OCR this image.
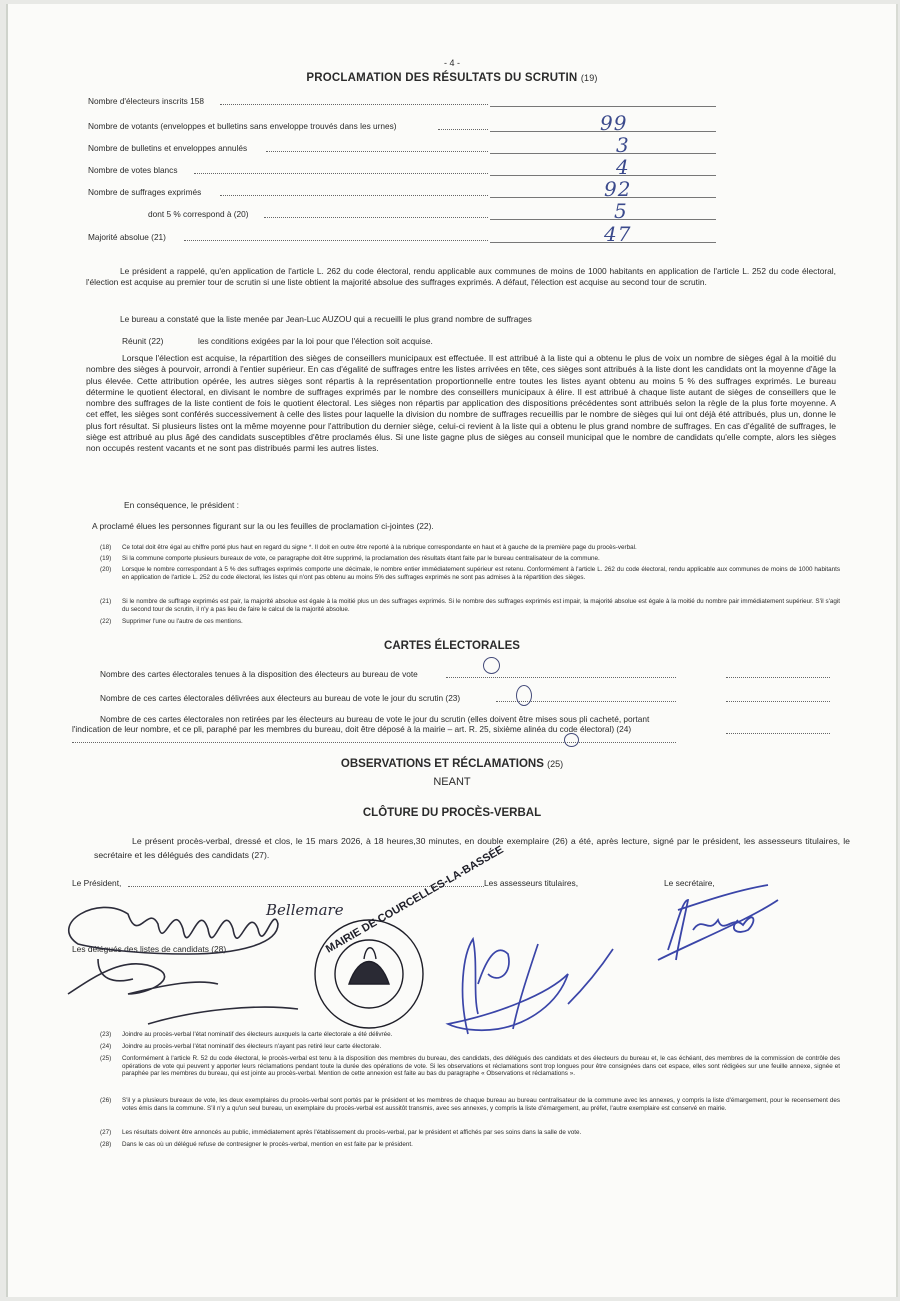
- 4 -
PROCLAMATION DES RÉSULTATS DU SCRUTIN (19)
Nombre d'électeurs inscrits 158
Nombre de votants (enveloppes et bulletins sans enveloppe trouvés dans les urnes)	99
Nombre de bulletins et enveloppes annulés	3
Nombre de votes blancs	4
Nombre de suffrages exprimés	92
dont 5 % correspond à (20)	5
Majorité absolue (21)	47
Le président a rappelé, qu'en application de l'article L. 262 du code électoral, rendu applicable aux communes de moins de 1000 habitants en application de l'article L. 252 du code électoral, l'élection est acquise au premier tour de scrutin si une liste obtient la majorité absolue des suffrages exprimés. A défaut, l'élection est acquise au second tour de scrutin.
Le bureau a constaté que la liste menée par Jean-Luc AUZOU qui a recueilli le plus grand nombre de suffrages
Réunit (22)	les conditions exigées par la loi pour que l'élection soit acquise.
Lorsque l'élection est acquise, la répartition des sièges de conseillers municipaux est effectuée. Il est attribué à la liste qui a obtenu le plus de voix un nombre de sièges égal à la moitié du nombre des sièges à pourvoir, arrondi à l'entier supérieur. En cas d'égalité de suffrages entre les listes arrivées en tête, ces sièges sont attribués à la liste dont les candidats ont la moyenne d'âge la plus élevée. Cette attribution opérée, les autres sièges sont répartis à la représentation proportionnelle entre toutes les listes ayant obtenu au moins 5 % des suffrages exprimés. Le bureau détermine le quotient électoral, en divisant le nombre de suffrages exprimés par le nombre des conseillers municipaux à élire. Il est attribué à chaque liste autant de sièges de conseillers que le nombre des suffrages de la liste contient de fois le quotient électoral. Les sièges non répartis par application des dispositions précédentes sont attribués selon la règle de la plus forte moyenne. A cet effet, les sièges sont conférés successivement à celle des listes pour laquelle la division du nombre de suffrages recueillis par le nombre de sièges qui lui ont déjà été attribués, plus un, donne le plus fort résultat. Si plusieurs listes ont la même moyenne pour l'attribution du dernier siège, celui-ci revient à la liste qui a obtenu le plus grand nombre de suffrages. En cas d'égalité de suffrages, le siège est attribué au plus âgé des candidats susceptibles d'être proclamés élus. Si une liste gagne plus de sièges au conseil municipal que le nombre de candidats qu'elle compte, alors les sièges non occupés restent vacants et ne sont pas distribués parmi les autres listes.
En conséquence, le président :
A proclamé élues les personnes figurant sur la ou les feuilles de proclamation ci-jointes (22).
(18) Ce total doit être égal au chiffre porté plus haut en regard du signe *. Il doit en outre être reporté à la rubrique correspondante en haut et à gauche de la première page du procès-verbal.
(19) Si la commune comporte plusieurs bureaux de vote, ce paragraphe doit être supprimé, la proclamation des résultats étant faite par le bureau centralisateur de la commune.
(20) Lorsque le nombre correspondant à 5 % des suffrages exprimés comporte une décimale, le nombre entier immédiatement supérieur est retenu. Conformément à l'article L. 262 du code électoral, rendu applicable aux communes de moins de 1000 habitants en application de l'article L. 252 du code électoral, les listes qui n'ont pas obtenu au moins 5% des suffrages exprimés ne sont pas admises à la répartition des sièges.
(21) Si le nombre de suffrage exprimés est pair, la majorité absolue est égale à la moitié plus un des suffrages exprimés. Si le nombre des suffrages exprimés est impair, la majorité absolue est égale à la moitié du nombre pair immédiatement supérieur. S'il s'agit du second tour de scrutin, il n'y a pas lieu de faire le calcul de la majorité absolue.
(22) Supprimer l'une ou l'autre de ces mentions.
CARTES ÉLECTORALES
Nombre des cartes électorales tenues à la disposition des électeurs au bureau de vote
Nombre de ces cartes électorales délivrées aux électeurs au bureau de vote le jour du scrutin (23)
Nombre de ces cartes électorales non retirées par les électeurs au bureau de vote le jour du scrutin (elles doivent être mises sous pli cacheté, portant
l'indication de leur nombre, et ce pli, paraphé par les membres du bureau, doit être déposé à la mairie – art. R. 25, sixième alinéa du code électoral) (24)
OBSERVATIONS ET RÉCLAMATIONS (25)
NEANT
CLÔTURE DU PROCÈS-VERBAL
Le présent procès-verbal, dressé et clos, le 15 mars 2026, à 18 heures,30 minutes, en double exemplaire (26) a été, après lecture, signé par le président, les assesseurs titulaires, le secrétaire et les délégués des candidats (27).
Le Président,	Les assesseurs titulaires,	Le secrétaire,
Les délégués des listes de candidats (28)
Bellemare
MAIRIE DE COURCELLES-LA-BASSÉE
(23) Joindre au procès-verbal l'état nominatif des électeurs auxquels la carte électorale a été délivrée.
(24) Joindre au procès-verbal l'état nominatif des électeurs n'ayant pas retiré leur carte électorale.
(25) Conformément à l'article R. 52 du code électoral, le procès-verbal est tenu à la disposition des membres du bureau, des candidats, des délégués des candidats et des électeurs du bureau et, le cas échéant, des membres de la commission de contrôle des opérations de vote qui peuvent y apporter leurs réclamations pendant toute la durée des opérations de vote. Si les observations et réclamations sont trop longues pour être consignées dans cet espace, elles sont rédigées sur une feuille annexe, signée et paraphée par les membres du bureau, qui est jointe au procès-verbal. Mention de cette annexion est faite au bas du paragraphe « Observations et réclamations ».
(26) S'il y a plusieurs bureaux de vote, les deux exemplaires du procès-verbal sont portés par le président et les membres de chaque bureau au bureau centralisateur de la commune avec les annexes, y compris la liste d'émargement, pour le recensement des votes émis dans la commune. S'il n'y a qu'un seul bureau, un exemplaire du procès-verbal est aussitôt transmis, avec ses annexes, y compris la liste d'émargement, au préfet, l'autre exemplaire est conservé en mairie.
(27) Les résultats doivent être annoncés au public, immédiatement après l'établissement du procès-verbal, par le président et affichés par ses soins dans la salle de vote.
(28) Dans le cas où un délégué refuse de contresigner le procès-verbal, mention en est faite par le président.
